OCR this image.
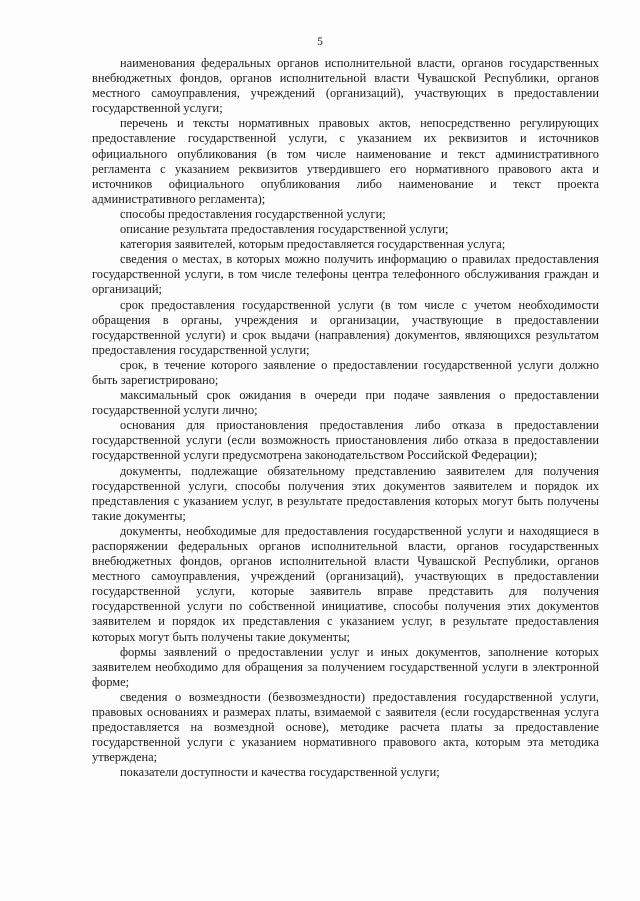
5

наименования федеральных органов исполнительной власти, органов государственных внебюджетных фондов, органов исполнительной власти Чувашской Республики, органов местного самоуправления, учреждений (организаций), участвующих в предоставлении государственной услуги;

перечень и тексты нормативных правовых актов, непосредственно регулирующих предоставление государственной услуги, с указанием их реквизитов и источников официального опубликования (в том числе наименование и текст административного регламента с указанием реквизитов утвердившего его нормативного правового акта и источников официального опубликования либо наименование и текст проекта административного регламента);

способы предоставления государственной услуги;

описание результата предоставления государственной услуги;

категория заявителей, которым предоставляется государственная услуга;

сведения о местах, в которых можно получить информацию о правилах предоставления государственной услуги, в том числе телефоны центра телефонного обслуживания граждан и организаций;

срок предоставления государственной услуги (в том числе с учетом необходимости обращения в органы, учреждения и организации, участвующие в предоставлении государственной услуги) и срок выдачи (направления) документов, являющихся результатом предоставления государственной услуги;

срок, в течение которого заявление о предоставлении государственной услуги должно быть зарегистрировано;

максимальный срок ожидания в очереди при подаче заявления о предоставлении государственной услуги лично;

основания для приостановления предоставления либо отказа в предоставлении государственной услуги (если возможность приостановления либо отказа в предоставлении государственной услуги предусмотрена законодательством Российской Федерации);

документы, подлежащие обязательному представлению заявителем для получения государственной услуги, способы получения этих документов заявителем и порядок их представления с указанием услуг, в результате предоставления которых могут быть получены такие документы;

документы, необходимые для предоставления государственной услуги и находящиеся в распоряжении федеральных органов исполнительной власти, органов государственных внебюджетных фондов, органов исполнительной власти Чувашской Республики, органов местного самоуправления, учреждений (организаций), участвующих в предоставлении государственной услуги, которые заявитель вправе представить для получения государственной услуги по собственной инициативе, способы получения этих документов заявителем и порядок их представления с указанием услуг, в результате предоставления которых могут быть получены такие документы;

формы заявлений о предоставлении услуг и иных документов, заполнение которых заявителем необходимо для обращения за получением государственной услуги в электронной форме;

сведения о возмездности (безвозмездности) предоставления государственной услуги, правовых основаниях и размерах платы, взимаемой с заявителя (если государственная услуга предоставляется на возмездной основе), методике расчета платы за предоставление государственной услуги с указанием нормативного правового акта, которым эта методика утверждена;

показатели доступности и качества государственной услуги;
